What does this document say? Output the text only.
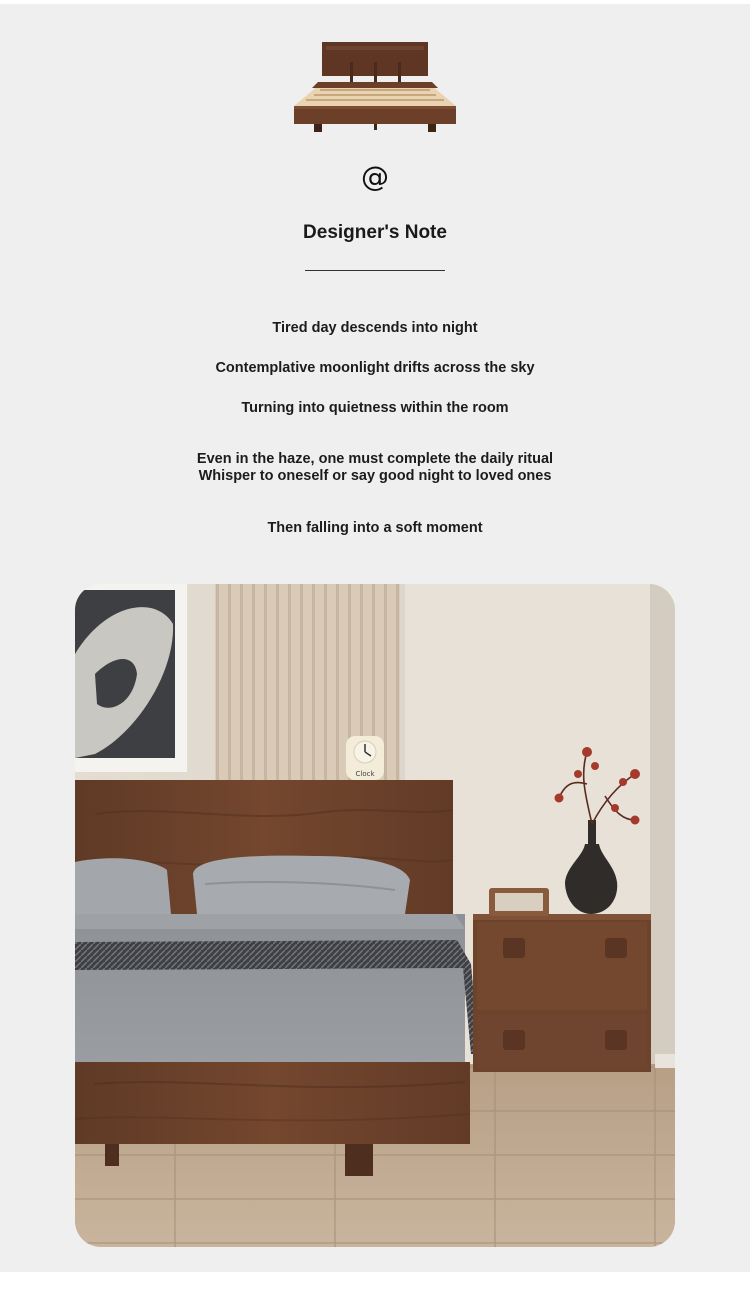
@
Designer's Note
Tired day descends into night
Contemplative moonlight drifts across the sky
Turning into quietness within the room
Even in the haze, one must complete the daily ritual
Whisper to oneself or say good night to loved ones
Then falling into a soft moment
Clock
